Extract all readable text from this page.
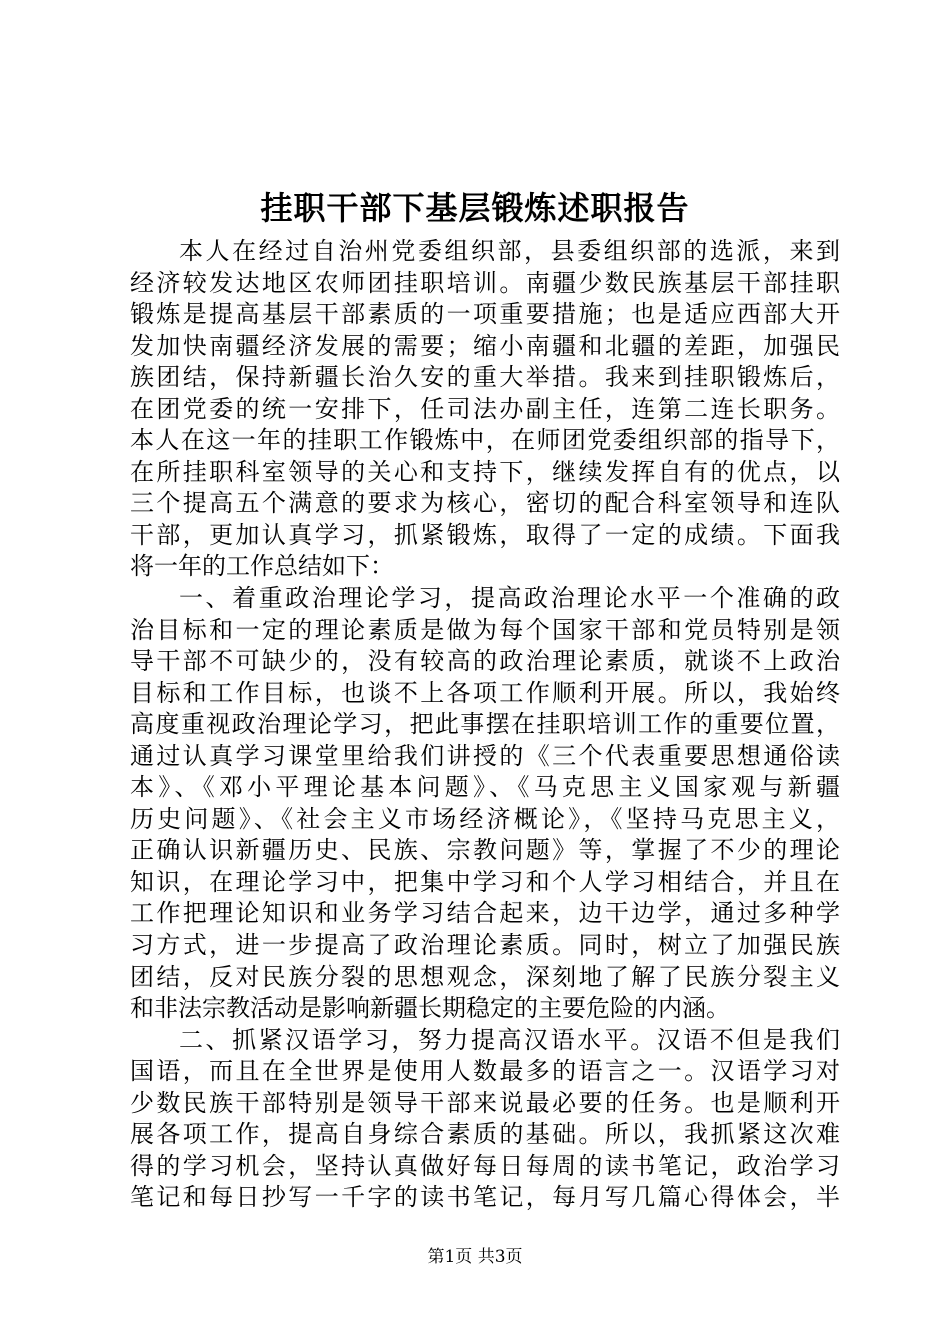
挂职干部下基层锻炼述职报告
本人在经过自治州党委组织部，县委组织部的选派，来到
经济较发达地区农师团挂职培训。南疆少数民族基层干部挂职
锻炼是提高基层干部素质的一项重要措施；也是适应西部大开
发加快南疆经济发展的需要；缩小南疆和北疆的差距，加强民
族团结，保持新疆长治久安的重大举措。我来到挂职锻炼后，
在团党委的统一安排下，任司法办副主任，连第二连长职务。
本人在这一年的挂职工作锻炼中，在师团党委组织部的指导下，
在所挂职科室领导的关心和支持下，继续发挥自有的优点，以
三个提高五个满意的要求为核心，密切的配合科室领导和连队
干部，更加认真学习，抓紧锻炼，取得了一定的成绩。下面我
将一年的工作总结如下：
一、着重政治理论学习，提高政治理论水平一个准确的政
治目标和一定的理论素质是做为每个国家干部和党员特别是领
导干部不可缺少的，没有较高的政治理论素质，就谈不上政治
目标和工作目标，也谈不上各项工作顺利开展。所以，我始终
高度重视政治理论学习，把此事摆在挂职培训工作的重要位置，
通过认真学习课堂里给我们讲授的《三个代表重要思想通俗读
本》、《邓小平理论基本问题》、《马克思主义国家观与新疆
历史问题》、《社会主义市场经济概论》，《坚持马克思主义，
正确认识新疆历史、民族、宗教问题》等，掌握了不少的理论
知识，在理论学习中，把集中学习和个人学习相结合，并且在
工作把理论知识和业务学习结合起来，边干边学，通过多种学
习方式，进一步提高了政治理论素质。同时，树立了加强民族
团结，反对民族分裂的思想观念，深刻地了解了民族分裂主义
和非法宗教活动是影响新疆长期稳定的主要危险的内涵。
二、抓紧汉语学习，努力提高汉语水平。汉语不但是我们
国语，而且在全世界是使用人数最多的语言之一。汉语学习对
少数民族干部特别是领导干部来说最必要的任务。也是顺利开
展各项工作，提高自身综合素质的基础。所以，我抓紧这次难
得的学习机会，坚持认真做好每日每周的读书笔记，政治学习
笔记和每日抄写一千字的读书笔记，每月写几篇心得体会，半
第1页 共3页
